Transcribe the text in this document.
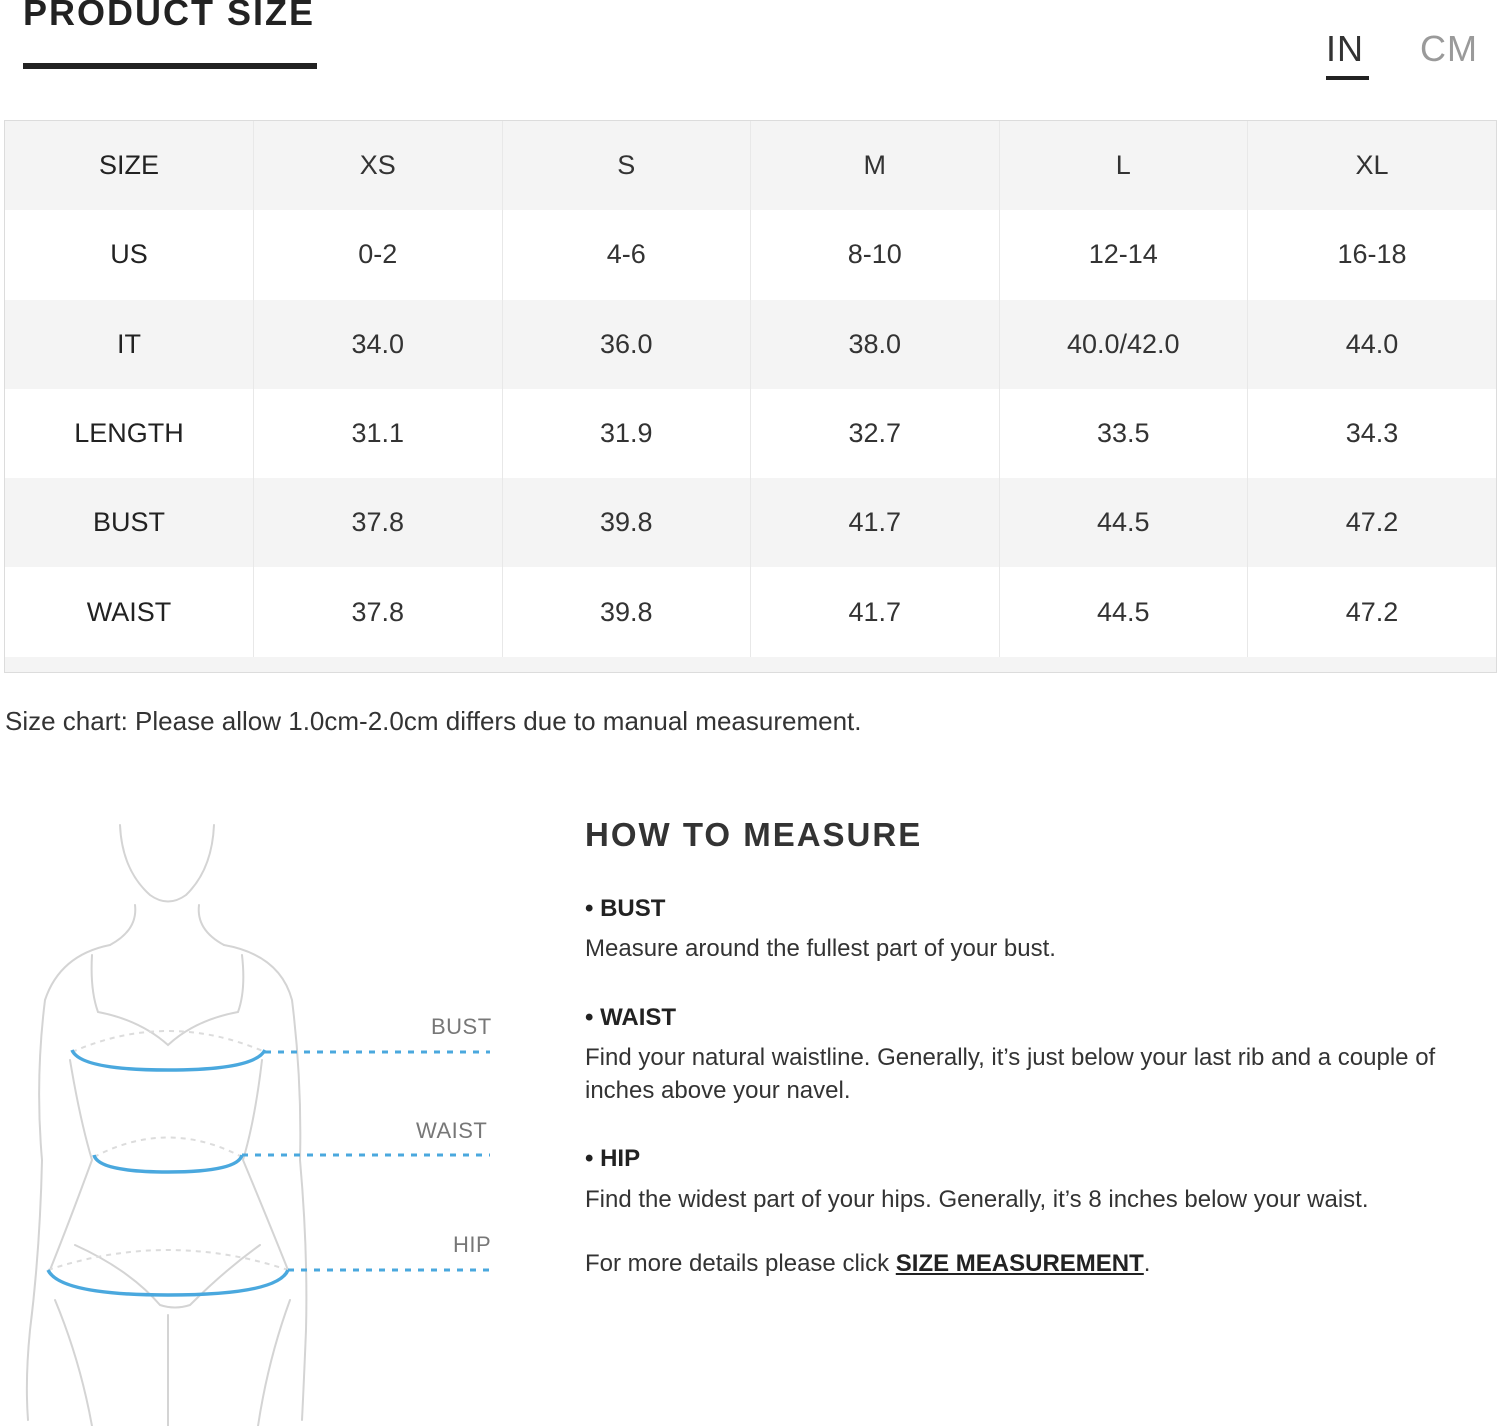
PRODUCT SIZE
IN CM
SIZE	XS	S	M	L	XL
US	0-2	4-6	8-10	12-14	16-18
IT	34.0	36.0	38.0	40.0/42.0	44.0
LENGTH	31.1	31.9	32.7	33.5	34.3
BUST	37.8	39.8	41.7	44.5	47.2
WAIST	37.8	39.8	41.7	44.5	47.2
Size chart: Please allow 1.0cm-2.0cm differs due to manual measurement.
BUST
WAIST
HIP
HOW TO MEASURE
• BUST
Measure around the fullest part of your bust.
• WAIST
Find your natural waistline. Generally, it’s just below your last rib and a couple of inches above your navel.
• HIP
Find the widest part of your hips. Generally, it’s 8 inches below your waist.
For more details please click SIZE MEASUREMENT.
